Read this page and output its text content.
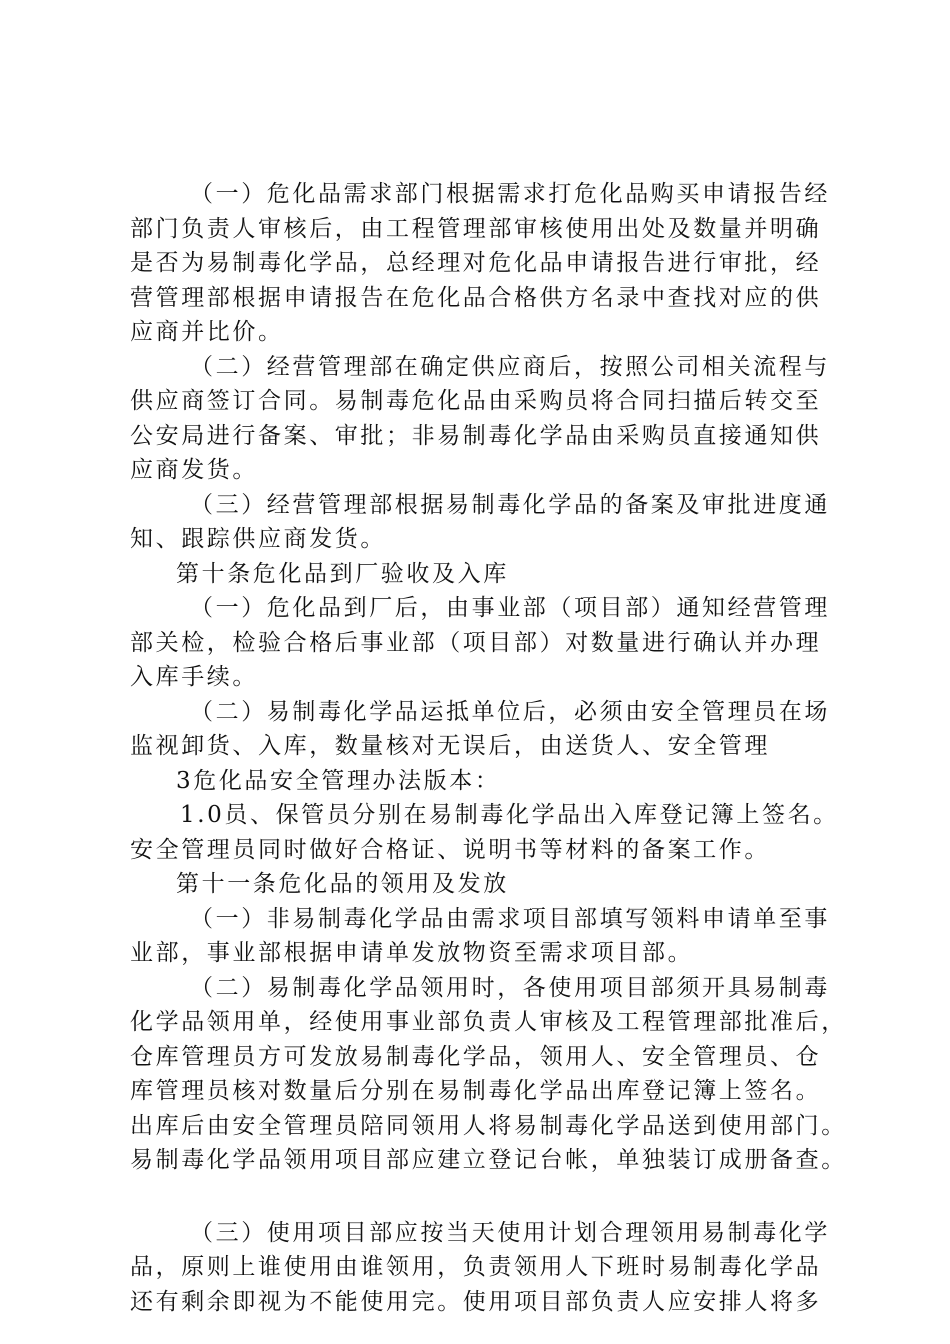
（一）危化品需求部门根据需求打危化品购买申请报告经
部门负责人审核后，由工程管理部审核使用出处及数量并明确
是否为易制毒化学品，总经理对危化品申请报告进行审批，经
营管理部根据申请报告在危化品合格供方名录中查找对应的供
应商并比价。
（二）经营管理部在确定供应商后，按照公司相关流程与
供应商签订合同。易制毒危化品由采购员将合同扫描后转交至
公安局进行备案、审批；非易制毒化学品由采购员直接通知供
应商发货。
（三）经营管理部根据易制毒化学品的备案及审批进度通
知、跟踪供应商发货。
第十条危化品到厂验收及入库
（一）危化品到厂后，由事业部（项目部）通知经营管理
部关检，检验合格后事业部（项目部）对数量进行确认并办理
入库手续。
（二）易制毒化学品运抵单位后，必须由安全管理员在场
监视卸货、入库，数量核对无误后，由送货人、安全管理
3危化品安全管理办法版本：
1.0员、保管员分别在易制毒化学品出入库登记簿上签名。
安全管理员同时做好合格证、说明书等材料的备案工作。
第十一条危化品的领用及发放
（一）非易制毒化学品由需求项目部填写领料申请单至事
业部，事业部根据申请单发放物资至需求项目部。
（二）易制毒化学品领用时，各使用项目部须开具易制毒
化学品领用单，经使用事业部负责人审核及工程管理部批准后，
仓库管理员方可发放易制毒化学品，领用人、安全管理员、仓
库管理员核对数量后分别在易制毒化学品出库登记簿上签名。
出库后由安全管理员陪同领用人将易制毒化学品送到使用部门。
易制毒化学品领用项目部应建立登记台帐，单独装订成册备查。
（三）使用项目部应按当天使用计划合理领用易制毒化学
品，原则上谁使用由谁领用，负责领用人下班时易制毒化学品
还有剩余即视为不能使用完。使用项目部负责人应安排人将多
